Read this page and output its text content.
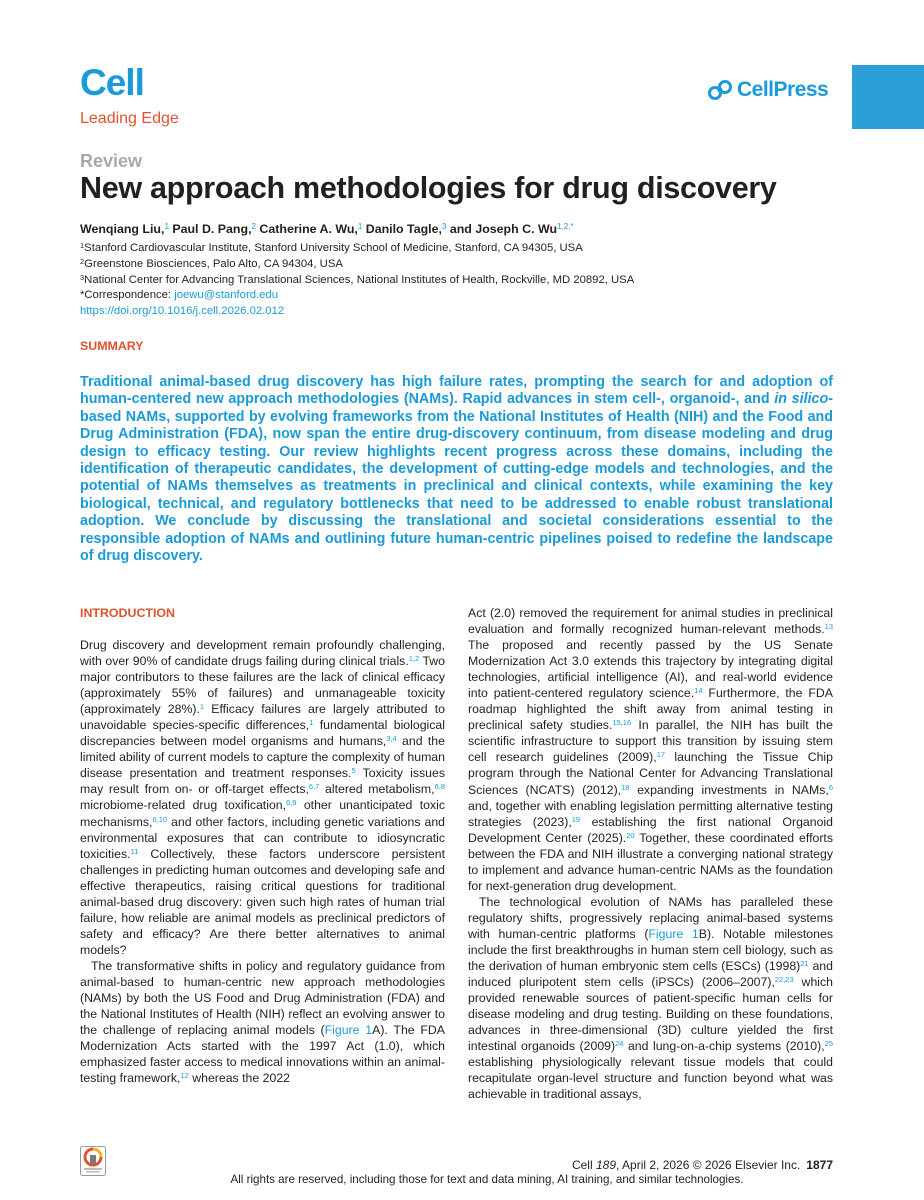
Cell
Leading Edge
CellPress
Review
New approach methodologies for drug discovery
Wenqiang Liu,$^1$ Paul D. Pang,$^2$ Catherine A. Wu,$^1$ Danilo Tagle,$^3$ and Joseph C. $Wu^{1,2,*}$
$^1$Stanford Cardiovascular Institute, Stanford University School of Medicine, Stanford, CA 94305, USA
$^2$Greenstone Biosciences, Palo Alto, CA 94304, USA
$^3$National Center for Advancing Translational Sciences, National Institutes of Health, Rockville, MD 20892, USA
*Correspondence: joewu@stanford.edu
https://doi.org/10.1016/j.cell.2026.02.012
SUMMARY
Traditional animal-based drug discovery has high failure rates, prompting the search for and adoption of human-centered new approach methodologies (NAMs). Rapid advances in stem cell-, organoid-, and in silico-based NAMs, supported by evolving frameworks from the National Institutes of Health (NIH) and the Food and Drug Administration (FDA), now span the entire drug-discovery continuum, from disease modeling and drug design to efficacy testing. Our review highlights recent progress across these domains, including the identification of therapeutic candidates, the development of cutting-edge models and technologies, and the potential of NAMs themselves as treatments in preclinical and clinical contexts, while examining the key biological, technical, and regulatory bottlenecks that need to be addressed to enable robust translational adoption. We conclude by discussing the translational and societal considerations essential to the responsible adoption of NAMs and outlining future human-centric pipelines poised to redefine the landscape of drug discovery.
INTRODUCTION

Drug discovery and development remain profoundly challenging, with over 90% of candidate drugs failing during clinical trials.$^{1,2}$ Two major contributors to these failures are the lack of clinical efficacy (approximately 55% of failures) and unmanageable toxicity (approximately 28%).$^1$ Efficacy failures are largely attributed to unavoidable species-specific differences,$^1$ fundamental biological discrepancies between model organisms and humans,$^{3,4}$ and the limited ability of current models to capture the complexity of human disease presentation and treatment responses.$^5$ Toxicity issues may result from on- or off-target effects,$^{6,7}$ altered metabolism,$^{6,8}$ microbiome-related drug toxification,$^{6,9}$ other unanticipated toxic mechanisms,$^{6,10}$ and other factors, including genetic variations and environmental exposures that can contribute to idiosyncratic toxicities.$^{11}$ Collectively, these factors underscore persistent challenges in predicting human outcomes and developing safe and effective therapeutics, raising critical questions for traditional animal-based drug discovery: given such high rates of human trial failure, how reliable are animal models as preclinical predictors of safety and efficacy? Are there better alternatives to animal models?

The transformative shifts in policy and regulatory guidance from animal-based to human-centric new approach methodologies (NAMs) by both the US Food and Drug Administration (FDA) and the National Institutes of Health (NIH) reflect an evolving answer to the challenge of replacing animal models (Figure 1A). The FDA Modernization Acts started with the 1997 Act (1.0), which emphasized faster access to medical innovations within an animal-testing framework,$^{12}$ whereas the 2022

Act (2.0) removed the requirement for animal studies in preclinical evaluation and formally recognized human-relevant methods.$^{13}$ The proposed and recently passed by the US Senate Modernization Act 3.0 extends this trajectory by integrating digital technologies, artificial intelligence (AI), and real-world evidence into patient-centered regulatory science.$^{14}$ Furthermore, the FDA roadmap highlighted the shift away from animal testing in preclinical safety studies.$^{15,16}$ In parallel, the NIH has built the scientific infrastructure to support this transition by issuing stem cell research guidelines (2009),$^{17}$ launching the Tissue Chip program through the National Center for Advancing Translational Sciences (NCATS) (2012),$^{18}$ expanding investments in NAMs,$^6$ and, together with enabling legislation permitting alternative testing strategies (2023),$^{19}$ establishing the first national Organoid Development Center (2025).$^{20}$ Together, these coordinated efforts between the FDA and NIH illustrate a converging national strategy to implement and advance human-centric NAMs as the foundation for next-generation drug development.

The technological evolution of NAMs has paralleled these regulatory shifts, progressively replacing animal-based systems with human-centric platforms (Figure 1B). Notable milestones include the first breakthroughs in human stem cell biology, such as the derivation of human embryonic stem cells (ESCs) $(1998)^{21}$ and induced pluripotent stem cells (iPSCs) (2006–2007),$^{22,23}$ which provided renewable sources of patient-specific human cells for disease modeling and drug testing. Building on these foundations, advances in three-dimensional (3D) culture yielded the first intestinal organoids $(2009)^{24}$ and lung-on-a-chip systems (2010),$^{25}$ establishing physiologically relevant tissue models that could recapitulate organ-level structure and function beyond what was achievable in traditional assays,

Cell 189, April 2, 2026 © 2026 Elsevier Inc. 1877
All rights are reserved, including those for text and data mining, AI training, and similar technologies.
